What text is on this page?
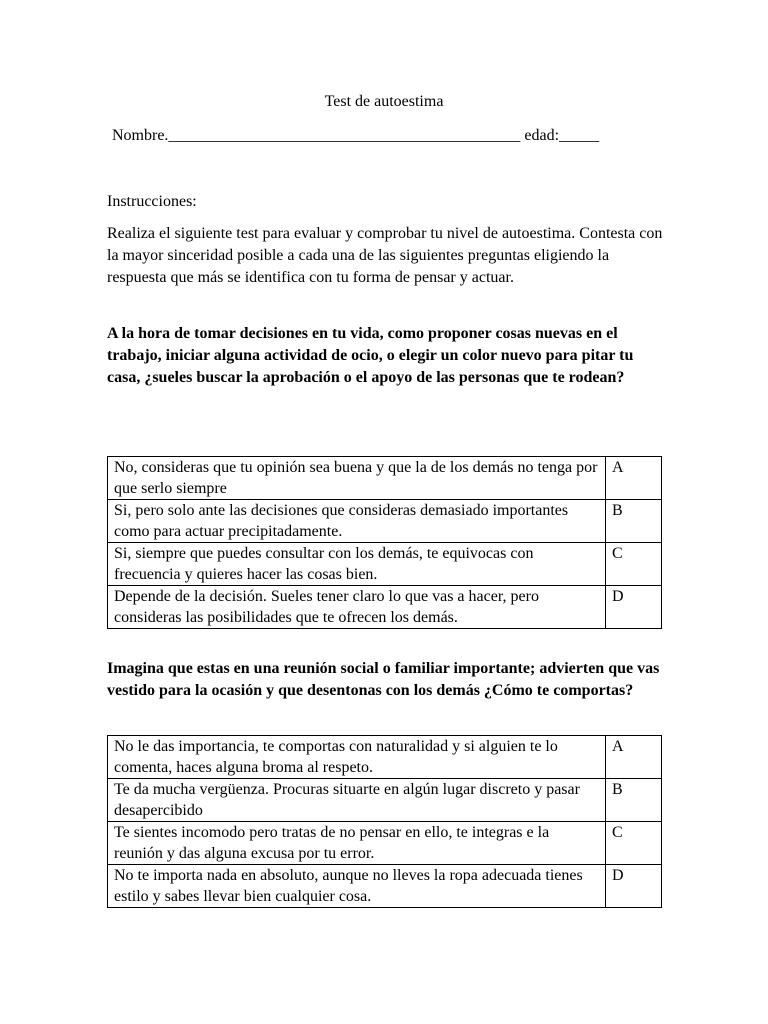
Test de autoestima
Nombre.____________________________________________ edad:_____
Instrucciones:
Realiza el siguiente test para evaluar y comprobar tu nivel de autoestima. Contesta con la mayor sinceridad posible a cada una de las siguientes preguntas eligiendo la respuesta que más se identifica con tu forma de pensar y actuar.

A la hora de tomar decisiones en tu vida, como proponer cosas nuevas en el trabajo, iniciar alguna actividad de ocio, o elegir un color nuevo para pitar tu casa, ¿sueles buscar la aprobación o el apoyo de las personas que te rodean?

No, consideras que tu opinión sea buena y que la de los demás no tenga por que serlo siempre	A
Si, pero solo ante las decisiones que consideras demasiado importantes como para actuar precipitadamente.	B
Si, siempre que puedes consultar con los demás, te equivocas con frecuencia y quieres hacer las cosas bien.	C
Depende de la decisión. Sueles tener claro lo que vas a hacer, pero consideras las posibilidades que te ofrecen los demás.	D

Imagina que estas en una reunión social o familiar importante; advierten que vas vestido para la ocasión y que desentonas con los demás ¿Cómo te comportas?

No le das importancia, te comportas con naturalidad y si alguien te lo comenta, haces alguna broma al respeto.	A
Te da mucha vergüenza. Procuras situarte en algún lugar discreto y pasar desapercibido	B
Te sientes incomodo pero tratas de no pensar en ello, te integras e la reunión y das alguna excusa por tu error.	C
No te importa nada en absoluto, aunque no lleves la ropa adecuada tienes estilo y sabes llevar bien cualquier cosa.	D
